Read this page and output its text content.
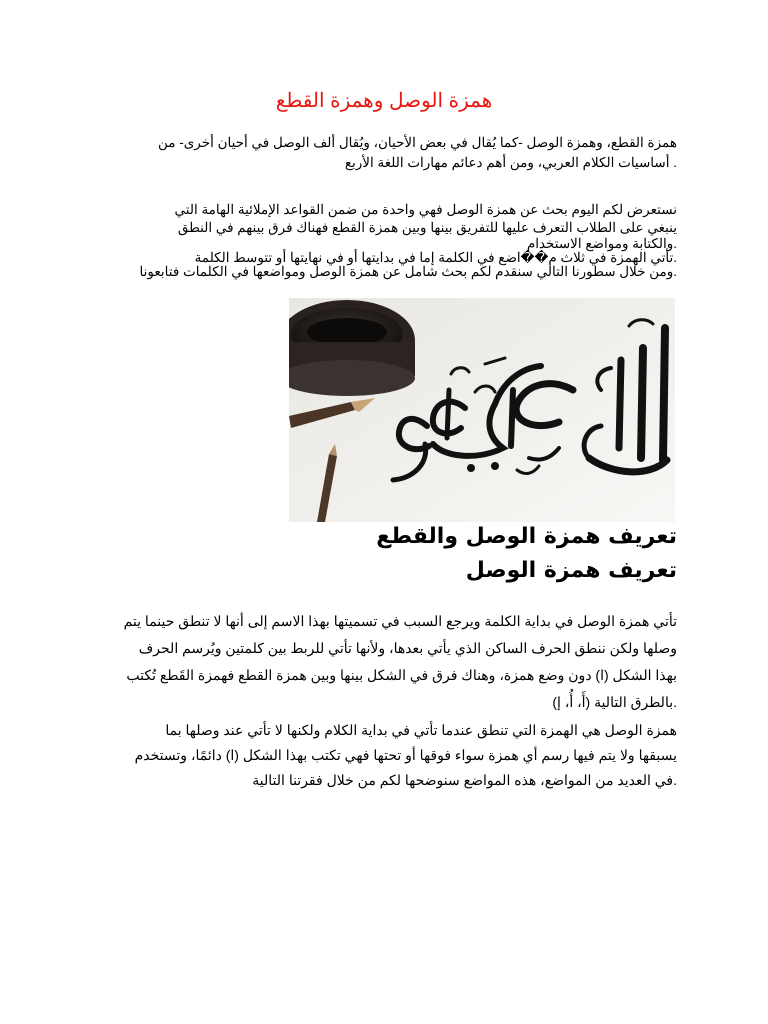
همزة الوصل وهمزة القطع

همزة القطع، وهمزة الوصل -كما يُقال في بعض الأحيان، ويُقال ألف الوصل في أحيان أخرى- من

. أساسيات الكلام العربي، ومن أهم دعائم مهارات اللغة الأربع

نستعرض لكم اليوم بحث عن همزة الوصل فهي واحدة من ضمن القواعد الإملائية الهامة التي

ينبغي على الطلاب التعرف عليها للتفريق بينها وبين همزة القطع فهناك فرق بينهم في النطق

.والكتابة ومواضع الاستخدام

.تأتي الهمزة في ثلاث م��اضع في الكلمة إما في بدايتها أو في نهايتها أو تتوسط الكلمة

.ومن خلال سطورنا التالي سنقدم لكم بحث شامل عن همزة الوصل ومواضعها في الكلمات فتابعونا

تعريف همزة الوصل والقطع
تعريف همزة الوصل

تأتي همزة الوصل في بداية الكلمة ويرجع السبب في تسميتها بهذا الاسم إلى أنها لا تنطق حينما يتم

وصلها ولكن ننطق الحرف الساكن الذي يأتي بعدها، ولأنها تأتي للربط بين كلمتين ويُرسم الحرف

بهذا الشكل (ا) دون وضع همزة، وهناك فرق في الشكل بينها وبين همزة القطع فهمزة القَطع تُكتب

.بالطرق التالية (أَ، أُ، إ)

همزة الوصل هي الهمزة التي تنطق عندما تأتي في بداية الكلام ولكنها لا تأتي عند وصلها بما

يسبقها ولا يتم فيها رسم أي همزة سواء فوقها أو تحتها فهي تكتب بهذا الشكل (ا) دائمًا، وتستخدم

.في العديد من المواضع، هذه المواضع سنوضحها لكم من خلال فقرتنا التالية
